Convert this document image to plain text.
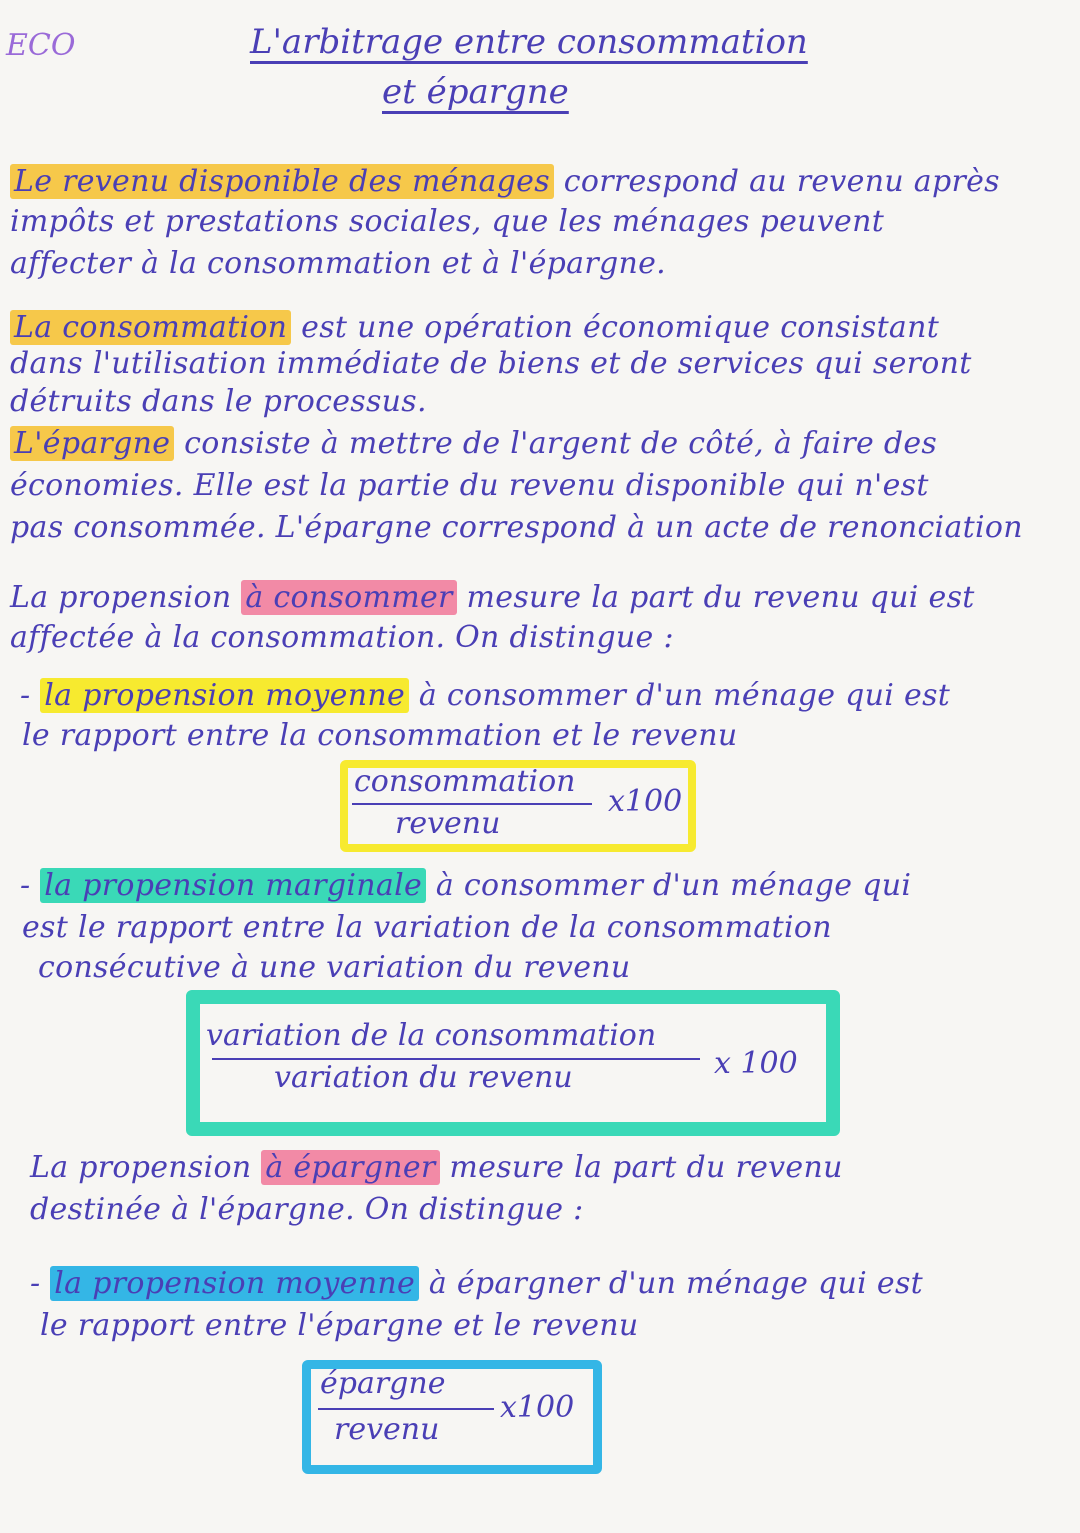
ECO	L'arbitrage entre consommation
et épargne
Le revenu disponible des ménages correspond au revenu après
impôts et prestations sociales, que les ménages peuvent
affecter à la consommation et à l'épargne.
La consommation est une opération économique consistant
dans l'utilisation immédiate de biens et de services qui seront
détruits dans le processus.
L'épargne consiste à mettre de l'argent de côté, à faire des
économies. Elle est la partie du revenu disponible qui n'est
pas consommée. L'épargne correspond à un acte de renonciation
La propension à consommer mesure la part du revenu qui est
affectée à la consommation. On distingue :
- la propension moyenne à consommer d'un ménage qui est
le rapport entre la consommation et le revenu
consommation
revenu
x100
- la propension marginale à consommer d'un ménage qui
est le rapport entre la variation de la consommation
consécutive à une variation du revenu
variation de la consommation
variation du revenu	x 100
La propension à épargner mesure la part du revenu
destinée à l'épargne. On distingue :
- la propension moyenne à épargner d'un ménage qui est
le rapport entre l'épargne et le revenu
épargne
revenu
x100
